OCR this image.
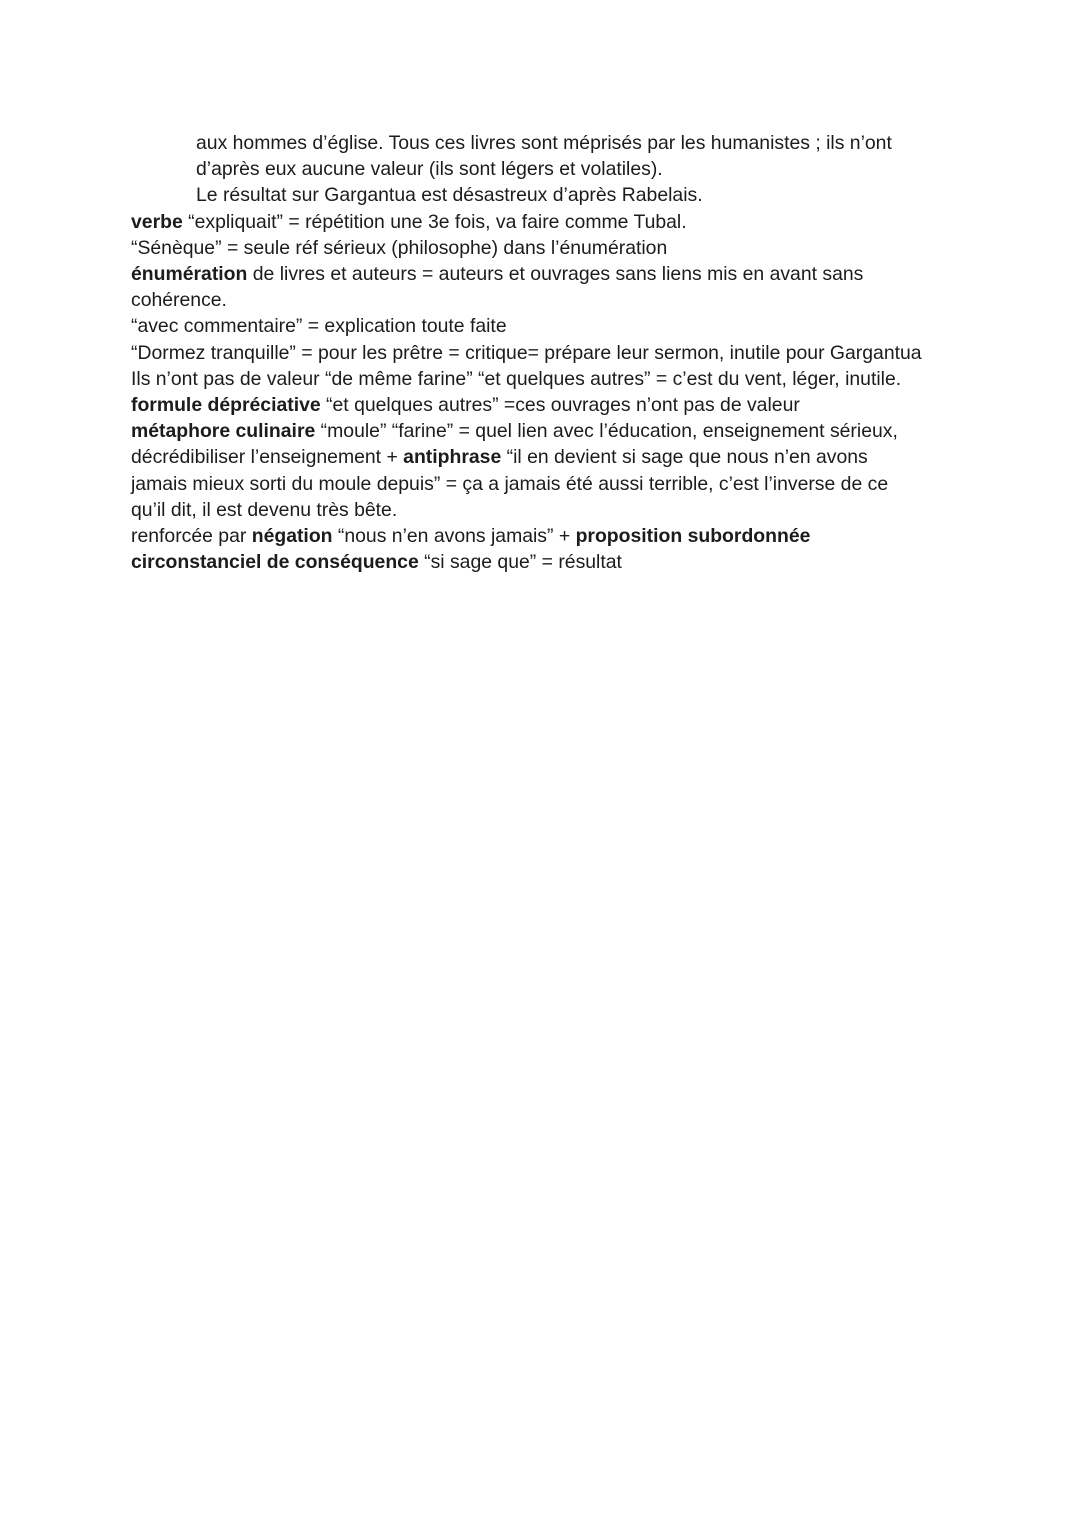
aux hommes d’église. Tous ces livres sont méprisés par les humanistes ; ils n’ont
d’après eux aucune valeur (ils sont légers et volatiles).
Le résultat sur Gargantua est désastreux d’après Rabelais.
verbe “expliquait” = répétition une 3e fois, va faire comme Tubal.
“Sénèque” = seule réf sérieux (philosophe) dans l’énumération
énumération de livres et auteurs = auteurs et ouvrages sans liens mis en avant sans
cohérence.
“avec commentaire” = explication toute faite
“Dormez tranquille” = pour les prêtre = critique= prépare leur sermon, inutile pour Gargantua
Ils n’ont pas de valeur “de même farine” “et quelques autres” = c’est du vent, léger, inutile.
formule dépréciative “et quelques autres” =ces ouvrages n’ont pas de valeur
métaphore culinaire “moule” “farine” = quel lien avec l’éducation, enseignement sérieux,
décrédibiliser l’enseignement + antiphrase “il en devient si sage que nous n’en avons
jamais mieux sorti du moule depuis” = ça a jamais été aussi terrible, c’est l’inverse de ce
qu’il dit, il est devenu très bête.
renforcée par négation “nous n’en avons jamais” + proposition subordonnée
circonstanciel de conséquence “si sage que” = résultat
